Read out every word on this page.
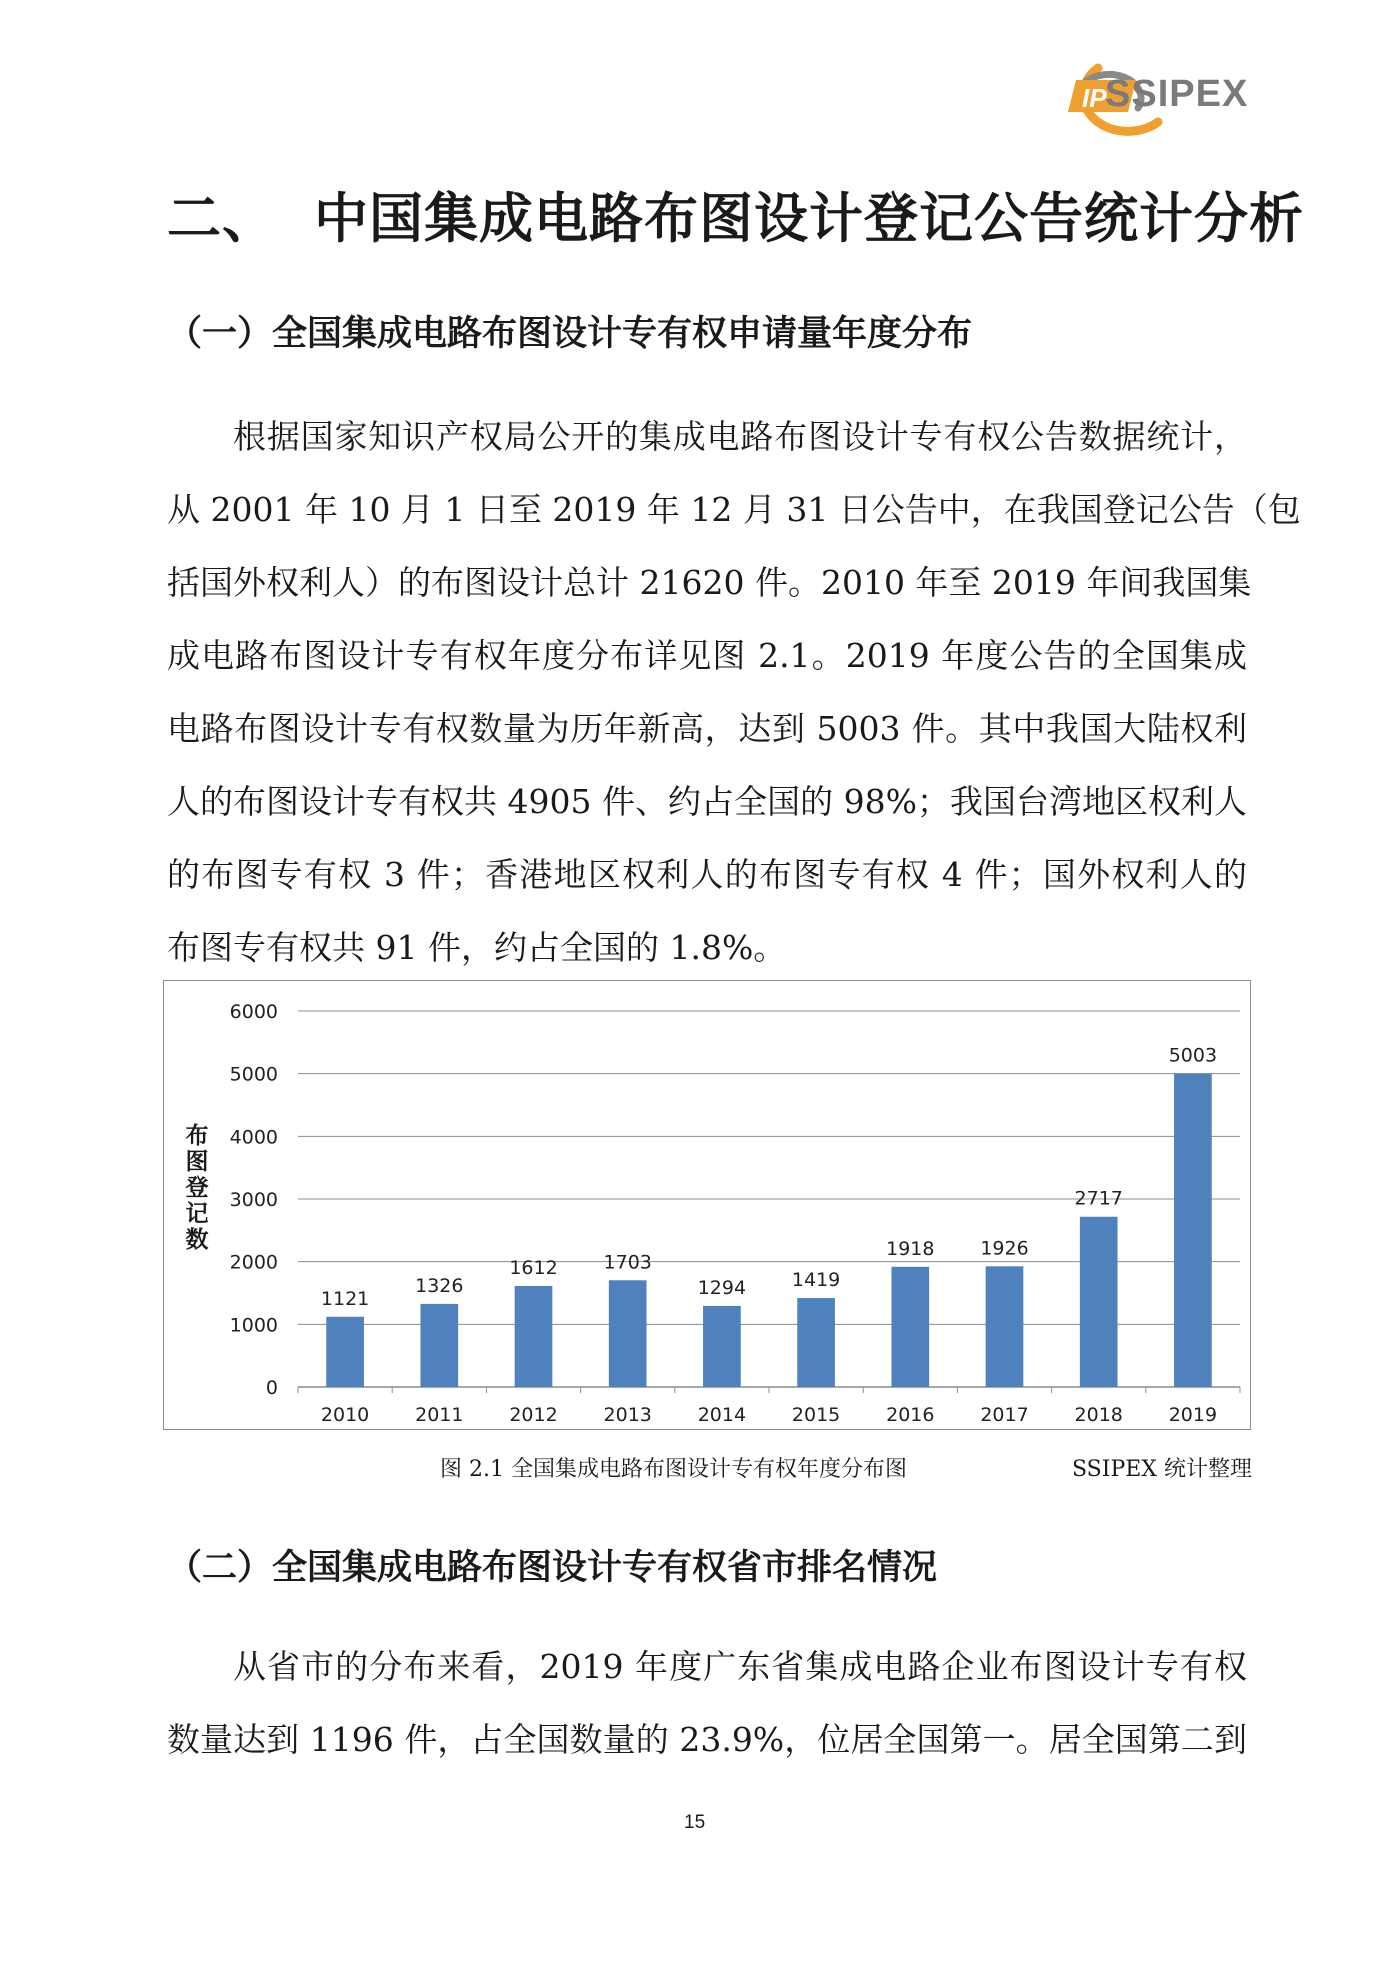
IP
SSIPEX
二、 中国集成电路布图设计登记公告统计分析
（一）全国集成电路布图设计专有权申请量年度分布

根据国家知识产权局公开的集成电路布图设计专有权公告数据统计，

从 2001 年 10 月 1 日至 2019 年 12 月 31 日公告中，在我国登记公告（包

括国外权利人）的布图设计总计 21620 件。2010 年至 2019 年间我国集

成电路布图设计专有权年度分布详见图 2.1。2019 年度公告的全国集成

电路布图设计专有权数量为历年新高，达到 5003 件。其中我国大陆权利

人的布图设计专有权共 4905 件、约占全国的 98%；我国台湾地区权利人

的布图专有权 3 件；香港地区权利人的布图专有权 4 件；国外权利人的

布图专有权共 91 件，约占全国的 1.8%。

0
1000
2000
3000
4000
5000
6000
1121
2010
1326
2011
1612
2012
1703
2013
1294
2014
1419
2015
1918
2016
1926
2017
2717
2018
5003
2019
布
图
登
记
数
图 2.1 全国集成电路布图设计专有权年度分布图	SSIPEX 统计整理
（二）全国集成电路布图设计专有权省市排名情况

从省市的分布来看，2019 年度广东省集成电路企业布图设计专有权

数量达到 1196 件，占全国数量的 23.9%，位居全国第一。居全国第二到

15
